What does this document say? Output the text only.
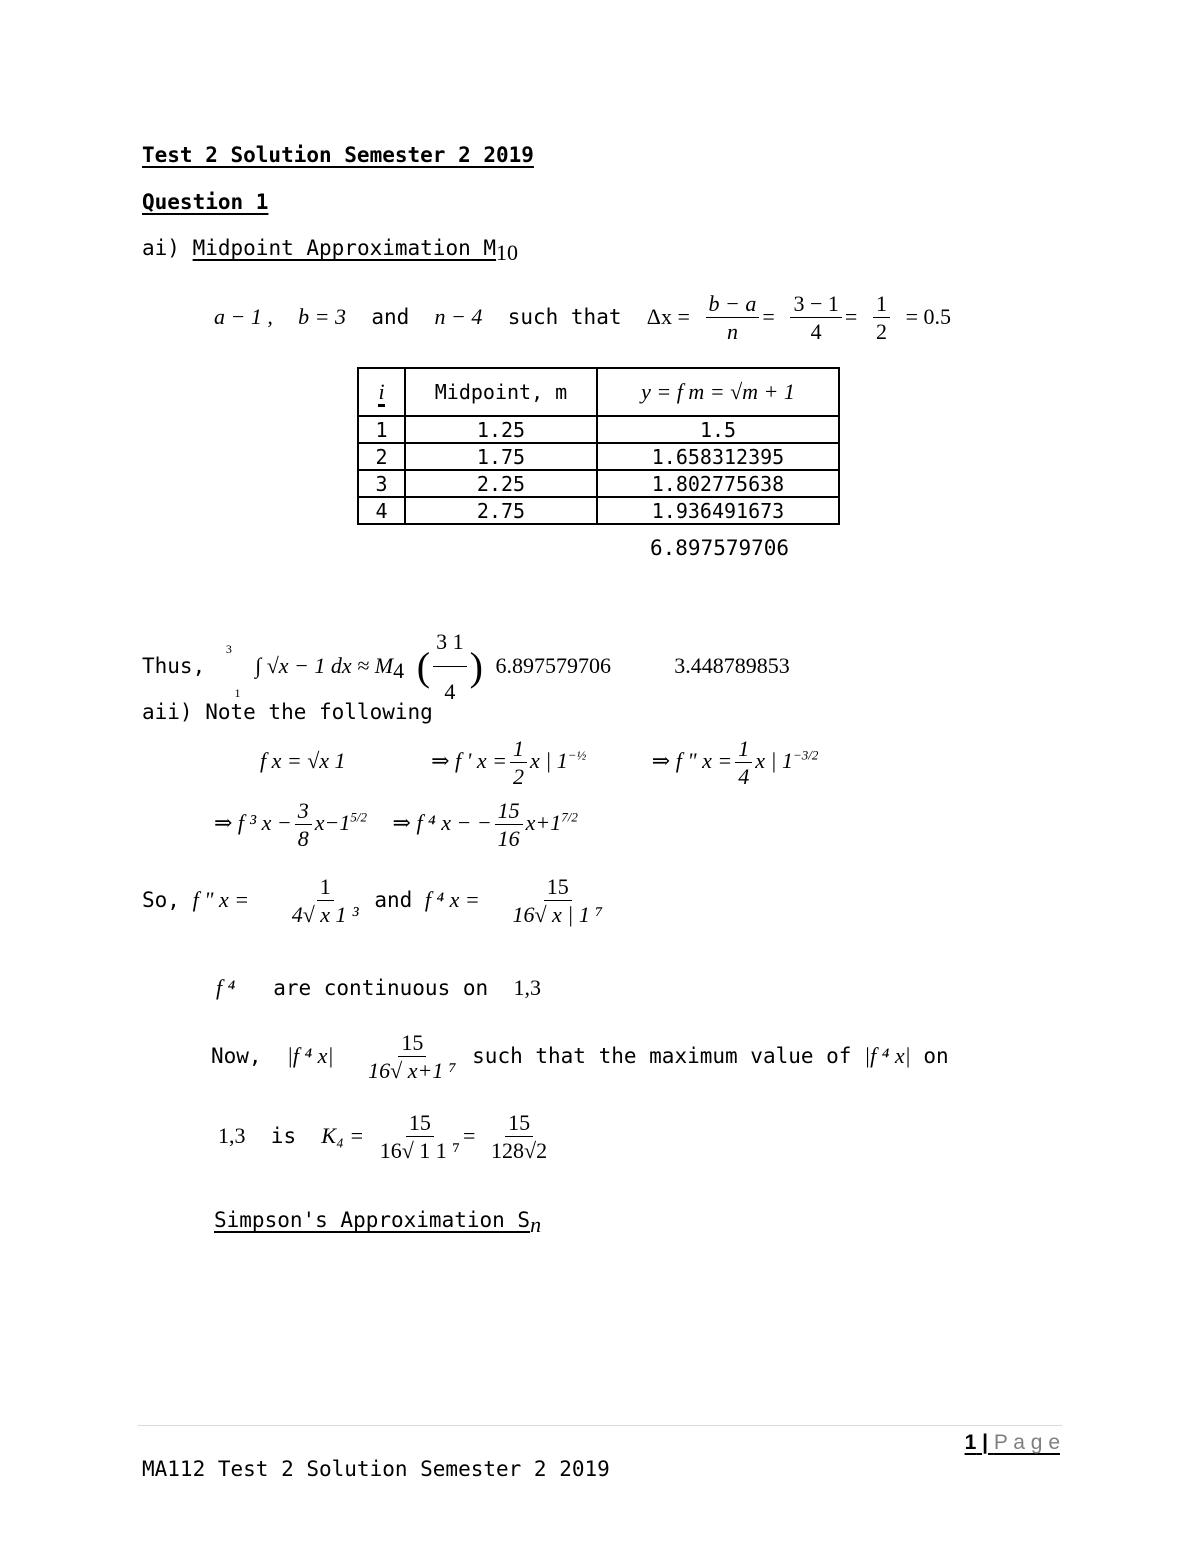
Test 2 Solution Semester 2 2019
Question 1
ai) Midpoint Approximation $M_{10}$
a − 1 , b = 3 and n − 4 such that $\Delta x = \frac{b - a}{n} = \frac{3 - 1}{4} = \frac{1}{2} = 0.5$
i	Midpoint, m	y = f m = √m + 1
1	1.25	1.5
2	1.75	1.658312395
3	2.25	1.802775638
4	2.75	1.936491673
6.897579706
Thus, $^3$ $_1$ ∫ √x − 1 dx ≈ $M_4$ ( $\frac{3 1}{4}$ ) 6.897579706	3.448789853
aii) Note the following
f x = √x 1	⇒ f ' $x = \frac{1}{2}$ x | $1^{-\frac{1}{2}}$	⇒ f " $x = \frac{1}{4}$ x | $1^{-3/2}$
⇒ f ³ $x - \frac{3}{8} x-1^{5/2}$ ⇒ f ⁴ x − − $\frac{15}{16} x+1^{7/2}$
So, f " $x = \frac{1}{\text{4√ x 1 ³}}$ and f ⁴ $x = \frac{15}{\text{16√ x | 1 ⁷}}$
f ⁴ are continuous on 1,3
Now, |f ⁴ $x| \frac{15}{\text{16√ x+1 ⁷}}$ such that the maximum value of |f ⁴ x| on
1,3 is $K_4 = \frac{15}{\text{16√ 1 1 ⁷}} = \frac{15}{128√2}$
Simpson's Approximation $S_n$
1 | P a g e
MA112 Test 2 Solution Semester 2 2019
